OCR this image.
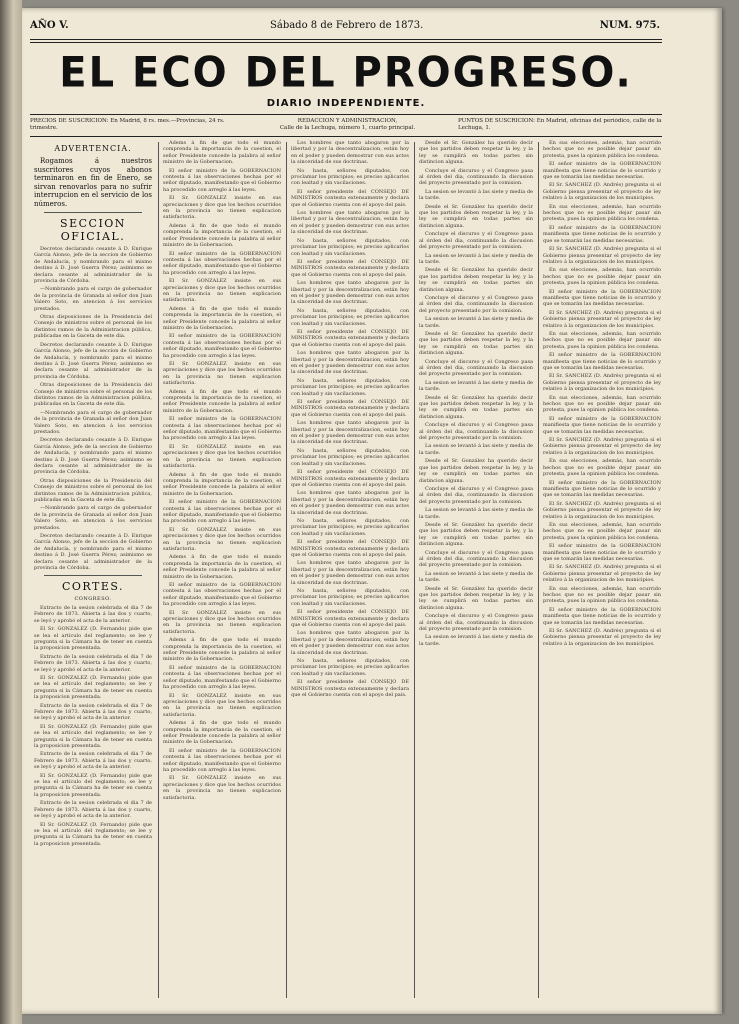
AÑO V.	Sábado 8 de Febrero de 1873.	NUM. 975.
EL ECO DEL PROGRESO.
DIARIO INDEPENDIENTE.
PRECIOS DE SUSCRICION: En Madrid, 8 rs. mes.—Provincias, 24 rs. trimestre.
REDACCION Y ADMINISTRACION,
Calle de la Lechuga, número 1, cuarto principal.
PUNTOS DE SUSCRICION: En Madrid, oficinas del periódico, calle de la Lechuga, 1.
ADVERTENCIA.
Rogamos á nuestros suscritores cuyos abonos terminaron en fin de Enero, se sirvan renovarlos para no sufrir interrupcion en el servicio de los números.
SECCION OFICIAL.

Decretos declarando cesante á D. Enrique García Alonso, jefe de la seccion de Gobierno de Andalucía, y nombrando para el mismo destino á D. José Guerra Pérez; asimismo se declara cesante al administrador de la provincia de Córdoba.

—Nombrando para el cargo de gobernador de la provincia de Granada al señor don Juan Valero Soto, en atencion á los servicios prestados.

Otras disposiciones de la Presidencia del Consejo de ministros sobre el personal de los distintos ramos de la Administracion pública, publicadas en la Gaceta de este dia.

Decretos declarando cesante á D. Enrique García Alonso, jefe de la seccion de Gobierno de Andalucía, y nombrando para el mismo destino á D. José Guerra Pérez; asimismo se declara cesante al administrador de la provincia de Córdoba.

Otras disposiciones de la Presidencia del Consejo de ministros sobre el personal de los distintos ramos de la Administracion pública, publicadas en la Gaceta de este dia.

—Nombrando para el cargo de gobernador de la provincia de Granada al señor don Juan Valero Soto, en atencion á los servicios prestados.

Decretos declarando cesante á D. Enrique García Alonso, jefe de la seccion de Gobierno de Andalucía, y nombrando para el mismo destino á D. José Guerra Pérez; asimismo se declara cesante al administrador de la provincia de Córdoba.

Otras disposiciones de la Presidencia del Consejo de ministros sobre el personal de los distintos ramos de la Administracion pública, publicadas en la Gaceta de este dia.

—Nombrando para el cargo de gobernador de la provincia de Granada al señor don Juan Valero Soto, en atencion á los servicios prestados.

Decretos declarando cesante á D. Enrique García Alonso, jefe de la seccion de Gobierno de Andalucía, y nombrando para el mismo destino á D. José Guerra Pérez; asimismo se declara cesante al administrador de la provincia de Córdoba.

CORTES.
CONGRESO.

Extracto de la sesion celebrada el dia 7 de Febrero de 1873. Abierta á las dos y cuarto, se leyó y aprobó el acta de la anterior.

El Sr. GONZALEZ (D. Fernando) pide que se lea el artículo del reglamento; se lee y pregunta si la Cámara ha de tener en cuenta la proposicion presentada.

Extracto de la sesion celebrada el dia 7 de Febrero de 1873. Abierta á las dos y cuarto, se leyó y aprobó el acta de la anterior.

El Sr. GONZALEZ (D. Fernando) pide que se lea el artículo del reglamento; se lee y pregunta si la Cámara ha de tener en cuenta la proposicion presentada.

Extracto de la sesion celebrada el dia 7 de Febrero de 1873. Abierta á las dos y cuarto, se leyó y aprobó el acta de la anterior.

El Sr. GONZALEZ (D. Fernando) pide que se lea el artículo del reglamento; se lee y pregunta si la Cámara ha de tener en cuenta la proposicion presentada.

Extracto de la sesion celebrada el dia 7 de Febrero de 1873. Abierta á las dos y cuarto, se leyó y aprobó el acta de la anterior.

El Sr. GONZALEZ (D. Fernando) pide que se lea el artículo del reglamento; se lee y pregunta si la Cámara ha de tener en cuenta la proposicion presentada.

Extracto de la sesion celebrada el dia 7 de Febrero de 1873. Abierta á las dos y cuarto, se leyó y aprobó el acta de la anterior.

El Sr. GONZALEZ (D. Fernando) pide que se lea el artículo del reglamento; se lee y pregunta si la Cámara ha de tener en cuenta la proposicion presentada.

Adems á fin de que todo el mundo comprenda la importancia de la cuestion, el señor Presidente concede la palabra al señor ministro de la Gobernacion.

El señor ministro de la GOBERNACION contesta á las observaciones hechas por el señor diputado, manifestando que el Gobierno ha procedido con arreglo á las leyes.

El Sr. GONZALEZ insiste en sus apreciaciones y dice que los hechos ocurridos en la provincia no tienen explicacion satisfactoria.

Adems á fin de que todo el mundo comprenda la importancia de la cuestion, el señor Presidente concede la palabra al señor ministro de la Gobernacion.

El señor ministro de la GOBERNACION contesta á las observaciones hechas por el señor diputado, manifestando que el Gobierno ha procedido con arreglo á las leyes.

El Sr. GONZALEZ insiste en sus apreciaciones y dice que los hechos ocurridos en la provincia no tienen explicacion satisfactoria.

Adems á fin de que todo el mundo comprenda la importancia de la cuestion, el señor Presidente concede la palabra al señor ministro de la Gobernacion.

El señor ministro de la GOBERNACION contesta á las observaciones hechas por el señor diputado, manifestando que el Gobierno ha procedido con arreglo á las leyes.

El Sr. GONZALEZ insiste en sus apreciaciones y dice que los hechos ocurridos en la provincia no tienen explicacion satisfactoria.

Adems á fin de que todo el mundo comprenda la importancia de la cuestion, el señor Presidente concede la palabra al señor ministro de la Gobernacion.

El señor ministro de la GOBERNACION contesta á las observaciones hechas por el señor diputado, manifestando que el Gobierno ha procedido con arreglo á las leyes.

El Sr. GONZALEZ insiste en sus apreciaciones y dice que los hechos ocurridos en la provincia no tienen explicacion satisfactoria.

Adems á fin de que todo el mundo comprenda la importancia de la cuestion, el señor Presidente concede la palabra al señor ministro de la Gobernacion.

El señor ministro de la GOBERNACION contesta á las observaciones hechas por el señor diputado, manifestando que el Gobierno ha procedido con arreglo á las leyes.

El Sr. GONZALEZ insiste en sus apreciaciones y dice que los hechos ocurridos en la provincia no tienen explicacion satisfactoria.

Adems á fin de que todo el mundo comprenda la importancia de la cuestion, el señor Presidente concede la palabra al señor ministro de la Gobernacion.

El señor ministro de la GOBERNACION contesta á las observaciones hechas por el señor diputado, manifestando que el Gobierno ha procedido con arreglo á las leyes.

El Sr. GONZALEZ insiste en sus apreciaciones y dice que los hechos ocurridos en la provincia no tienen explicacion satisfactoria.

Adems á fin de que todo el mundo comprenda la importancia de la cuestion, el señor Presidente concede la palabra al señor ministro de la Gobernacion.

El señor ministro de la GOBERNACION contesta á las observaciones hechas por el señor diputado, manifestando que el Gobierno ha procedido con arreglo á las leyes.

El Sr. GONZALEZ insiste en sus apreciaciones y dice que los hechos ocurridos en la provincia no tienen explicacion satisfactoria.

Adems á fin de que todo el mundo comprenda la importancia de la cuestion, el señor Presidente concede la palabra al señor ministro de la Gobernacion.

El señor ministro de la GOBERNACION contesta á las observaciones hechas por el señor diputado, manifestando que el Gobierno ha procedido con arreglo á las leyes.

El Sr. GONZALEZ insiste en sus apreciaciones y dice que los hechos ocurridos en la provincia no tienen explicacion satisfactoria.

Los hombres que tanto abogaron por la libertad y por la descentralizacion, están hoy en el poder y pueden demostrar con sus actos la sinceridad de sus doctrinas.

No basta, señores diputados, con proclamar los principios; es preciso aplicarlos con lealtad y sin vacilaciones.

El señor presidente del CONSEJO DE MINISTROS contesta extensamente y declara que el Gobierno cuenta con el apoyo del país.

Los hombres que tanto abogaron por la libertad y por la descentralizacion, están hoy en el poder y pueden demostrar con sus actos la sinceridad de sus doctrinas.

No basta, señores diputados, con proclamar los principios; es preciso aplicarlos con lealtad y sin vacilaciones.

El señor presidente del CONSEJO DE MINISTROS contesta extensamente y declara que el Gobierno cuenta con el apoyo del país.

Los hombres que tanto abogaron por la libertad y por la descentralizacion, están hoy en el poder y pueden demostrar con sus actos la sinceridad de sus doctrinas.

No basta, señores diputados, con proclamar los principios; es preciso aplicarlos con lealtad y sin vacilaciones.

El señor presidente del CONSEJO DE MINISTROS contesta extensamente y declara que el Gobierno cuenta con el apoyo del país.

Los hombres que tanto abogaron por la libertad y por la descentralizacion, están hoy en el poder y pueden demostrar con sus actos la sinceridad de sus doctrinas.

No basta, señores diputados, con proclamar los principios; es preciso aplicarlos con lealtad y sin vacilaciones.

El señor presidente del CONSEJO DE MINISTROS contesta extensamente y declara que el Gobierno cuenta con el apoyo del país.

Los hombres que tanto abogaron por la libertad y por la descentralizacion, están hoy en el poder y pueden demostrar con sus actos la sinceridad de sus doctrinas.

No basta, señores diputados, con proclamar los principios; es preciso aplicarlos con lealtad y sin vacilaciones.

El señor presidente del CONSEJO DE MINISTROS contesta extensamente y declara que el Gobierno cuenta con el apoyo del país.

Los hombres que tanto abogaron por la libertad y por la descentralizacion, están hoy en el poder y pueden demostrar con sus actos la sinceridad de sus doctrinas.

No basta, señores diputados, con proclamar los principios; es preciso aplicarlos con lealtad y sin vacilaciones.

El señor presidente del CONSEJO DE MINISTROS contesta extensamente y declara que el Gobierno cuenta con el apoyo del país.

Los hombres que tanto abogaron por la libertad y por la descentralizacion, están hoy en el poder y pueden demostrar con sus actos la sinceridad de sus doctrinas.

No basta, señores diputados, con proclamar los principios; es preciso aplicarlos con lealtad y sin vacilaciones.

El señor presidente del CONSEJO DE MINISTROS contesta extensamente y declara que el Gobierno cuenta con el apoyo del país.

Los hombres que tanto abogaron por la libertad y por la descentralizacion, están hoy en el poder y pueden demostrar con sus actos la sinceridad de sus doctrinas.

No basta, señores diputados, con proclamar los principios; es preciso aplicarlos con lealtad y sin vacilaciones.

El señor presidente del CONSEJO DE MINISTROS contesta extensamente y declara que el Gobierno cuenta con el apoyo del país.

Desde el Sr. González ha querido decir que los partidos deben respetar la ley, y la ley se cumplirá en todas partes sin distincion alguna.

Concluye el discurso y el Congreso pasa al órden del dia, continuando la discusion del proyecto presentado por la comision.

La sesion se levantó á las siete y media de la tarde.

Desde el Sr. González ha querido decir que los partidos deben respetar la ley, y la ley se cumplirá en todas partes sin distincion alguna.

Concluye el discurso y el Congreso pasa al órden del dia, continuando la discusion del proyecto presentado por la comision.

La sesion se levantó á las siete y media de la tarde.

Desde el Sr. González ha querido decir que los partidos deben respetar la ley, y la ley se cumplirá en todas partes sin distincion alguna.

Concluye el discurso y el Congreso pasa al órden del dia, continuando la discusion del proyecto presentado por la comision.

La sesion se levantó á las siete y media de la tarde.

Desde el Sr. González ha querido decir que los partidos deben respetar la ley, y la ley se cumplirá en todas partes sin distincion alguna.

Concluye el discurso y el Congreso pasa al órden del dia, continuando la discusion del proyecto presentado por la comision.

La sesion se levantó á las siete y media de la tarde.

Desde el Sr. González ha querido decir que los partidos deben respetar la ley, y la ley se cumplirá en todas partes sin distincion alguna.

Concluye el discurso y el Congreso pasa al órden del dia, continuando la discusion del proyecto presentado por la comision.

La sesion se levantó á las siete y media de la tarde.

Desde el Sr. González ha querido decir que los partidos deben respetar la ley, y la ley se cumplirá en todas partes sin distincion alguna.

Concluye el discurso y el Congreso pasa al órden del dia, continuando la discusion del proyecto presentado por la comision.

La sesion se levantó á las siete y media de la tarde.

Desde el Sr. González ha querido decir que los partidos deben respetar la ley, y la ley se cumplirá en todas partes sin distincion alguna.

Concluye el discurso y el Congreso pasa al órden del dia, continuando la discusion del proyecto presentado por la comision.

La sesion se levantó á las siete y media de la tarde.

Desde el Sr. González ha querido decir que los partidos deben respetar la ley, y la ley se cumplirá en todas partes sin distincion alguna.

Concluye el discurso y el Congreso pasa al órden del dia, continuando la discusion del proyecto presentado por la comision.

La sesion se levantó á las siete y media de la tarde.

En sus elecciones, además, han ocurrido hechos que no es posible dejar pasar sin protesta, pues la opinion pública los condena.

El señor ministro de la GOBERNACION manifiesta que tiene noticias de lo ocurrido y que se tomarán las medidas necesarias.

El Sr. SANCHEZ (D. Andrés) pregunta si el Gobierno piensa presentar el proyecto de ley relativo á la organizacion de los municipios.

En sus elecciones, además, han ocurrido hechos que no es posible dejar pasar sin protesta, pues la opinion pública los condena.

El señor ministro de la GOBERNACION manifiesta que tiene noticias de lo ocurrido y que se tomarán las medidas necesarias.

El Sr. SANCHEZ (D. Andrés) pregunta si el Gobierno piensa presentar el proyecto de ley relativo á la organizacion de los municipios.

En sus elecciones, además, han ocurrido hechos que no es posible dejar pasar sin protesta, pues la opinion pública los condena.

El señor ministro de la GOBERNACION manifiesta que tiene noticias de lo ocurrido y que se tomarán las medidas necesarias.

El Sr. SANCHEZ (D. Andrés) pregunta si el Gobierno piensa presentar el proyecto de ley relativo á la organizacion de los municipios.

En sus elecciones, además, han ocurrido hechos que no es posible dejar pasar sin protesta, pues la opinion pública los condena.

El señor ministro de la GOBERNACION manifiesta que tiene noticias de lo ocurrido y que se tomarán las medidas necesarias.

El Sr. SANCHEZ (D. Andrés) pregunta si el Gobierno piensa presentar el proyecto de ley relativo á la organizacion de los municipios.

En sus elecciones, además, han ocurrido hechos que no es posible dejar pasar sin protesta, pues la opinion pública los condena.

El señor ministro de la GOBERNACION manifiesta que tiene noticias de lo ocurrido y que se tomarán las medidas necesarias.

El Sr. SANCHEZ (D. Andrés) pregunta si el Gobierno piensa presentar el proyecto de ley relativo á la organizacion de los municipios.

En sus elecciones, además, han ocurrido hechos que no es posible dejar pasar sin protesta, pues la opinion pública los condena.

El señor ministro de la GOBERNACION manifiesta que tiene noticias de lo ocurrido y que se tomarán las medidas necesarias.

El Sr. SANCHEZ (D. Andrés) pregunta si el Gobierno piensa presentar el proyecto de ley relativo á la organizacion de los municipios.

En sus elecciones, además, han ocurrido hechos que no es posible dejar pasar sin protesta, pues la opinion pública los condena.

El señor ministro de la GOBERNACION manifiesta que tiene noticias de lo ocurrido y que se tomarán las medidas necesarias.

El Sr. SANCHEZ (D. Andrés) pregunta si el Gobierno piensa presentar el proyecto de ley relativo á la organizacion de los municipios.

En sus elecciones, además, han ocurrido hechos que no es posible dejar pasar sin protesta, pues la opinion pública los condena.

El señor ministro de la GOBERNACION manifiesta que tiene noticias de lo ocurrido y que se tomarán las medidas necesarias.

El Sr. SANCHEZ (D. Andrés) pregunta si el Gobierno piensa presentar el proyecto de ley relativo á la organizacion de los municipios.
